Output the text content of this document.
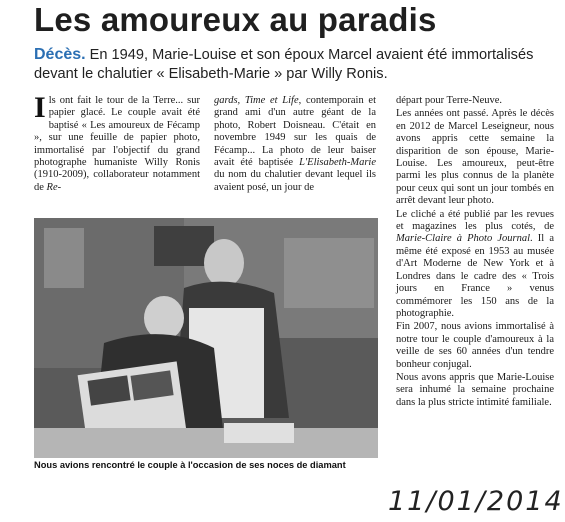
Les amoureux au paradis
Décès. En 1949, Marie-Louise et son époux Marcel avaient été immortalisés devant le chalutier « Elisabeth-Marie » par Willy Ronis.

Ils ont fait le tour de la Terre... sur papier glacé. Le couple avait été baptisé « Les amoureux de Fécamp », sur une feuille de papier photo, immortalisé par l'objectif du grand photographe humaniste Willy Ronis (1910-2009), collaborateur notamment de Re-

gards, Time et Life, contemporain et grand ami d'un autre géant de la photo, Robert Doisneau. C'était en novembre 1949 sur les quais de Fécamp... La photo de leur baiser avait été baptisée L'Elisabeth-Marie du nom du chalutier devant lequel ils avaient posé, un jour de

départ pour Terre-Neuve.

Les années ont passé. Après le décès en 2012 de Marcel Leseigneur, nous avons appris cette semaine la disparition de son épouse, Marie-Louise. Les amoureux, peut-être parmi les plus connus de la planète pour ceux qui sont un jour tombés en arrêt devant leur photo.

Le cliché a été publié par les revues et magazines les plus cotés, de Marie-Claire à Photo Journal. Il a même été exposé en 1953 au musée d'Art Moderne de New York et à Londres dans le cadre des « Trois jours en France » venus commémorer les 150 ans de la photographie.

Fin 2007, nous avions immortalisé à notre tour le couple d'amoureux à la veille de ses 60 années d'un tendre bonheur conjugal.

Nous avons appris que Marie-Louise sera inhumé la semaine prochaine dans la plus stricte intimité familiale.

Nous avions rencontré le couple à l'occasion de ses noces de diamant
11/01/2014
